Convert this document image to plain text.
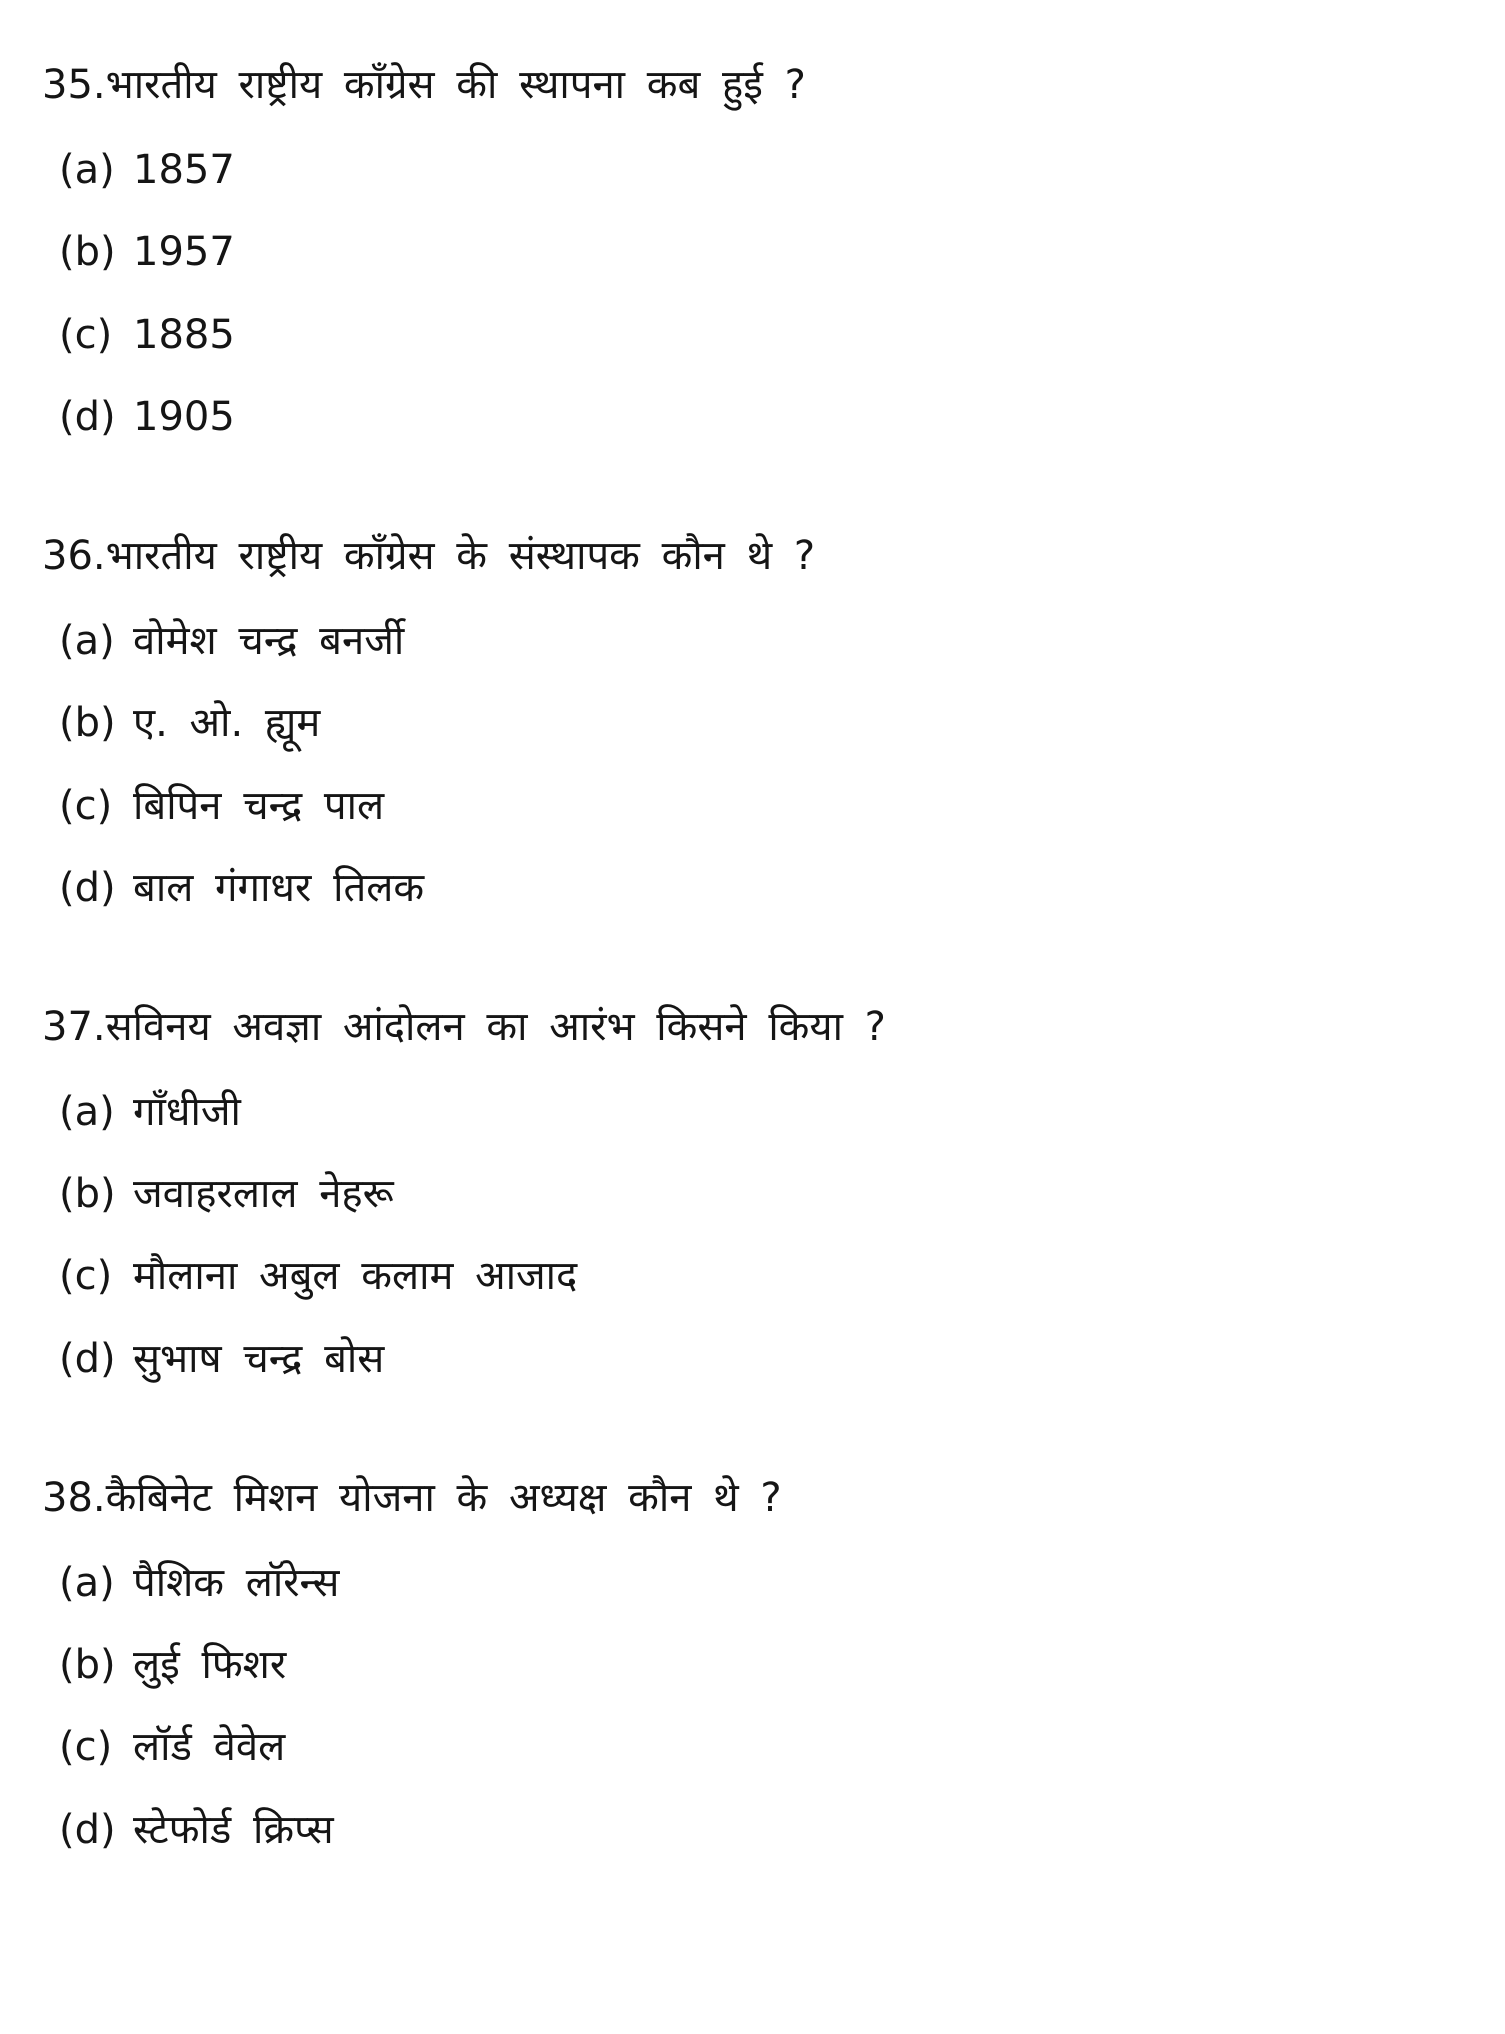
35. भारतीय राष्ट्रीय काँग्रेस की स्थापना कब हुई ?
(a) 1857
(b) 1957
(c) 1885
(d) 1905
36. भारतीय राष्ट्रीय काँग्रेस के संस्थापक कौन थे ?
(a) वोमेश चन्द्र बनर्जी
(b) ए. ओ. ह्यूम
(c) बिपिन चन्द्र पाल
(d) बाल गंगाधर तिलक
37. सविनय अवज्ञा आंदोलन का आरंभ किसने किया ?
(a) गाँधीजी
(b) जवाहरलाल नेहरू
(c) मौलाना अबुल कलाम आजाद
(d) सुभाष चन्द्र बोस
38. कैबिनेट मिशन योजना के अध्यक्ष कौन थे ?
(a) पैशिक लॉरेन्स
(b) लुई फिशर
(c) लॉर्ड वेवेल
(d) स्टेफोर्ड क्रिप्स
